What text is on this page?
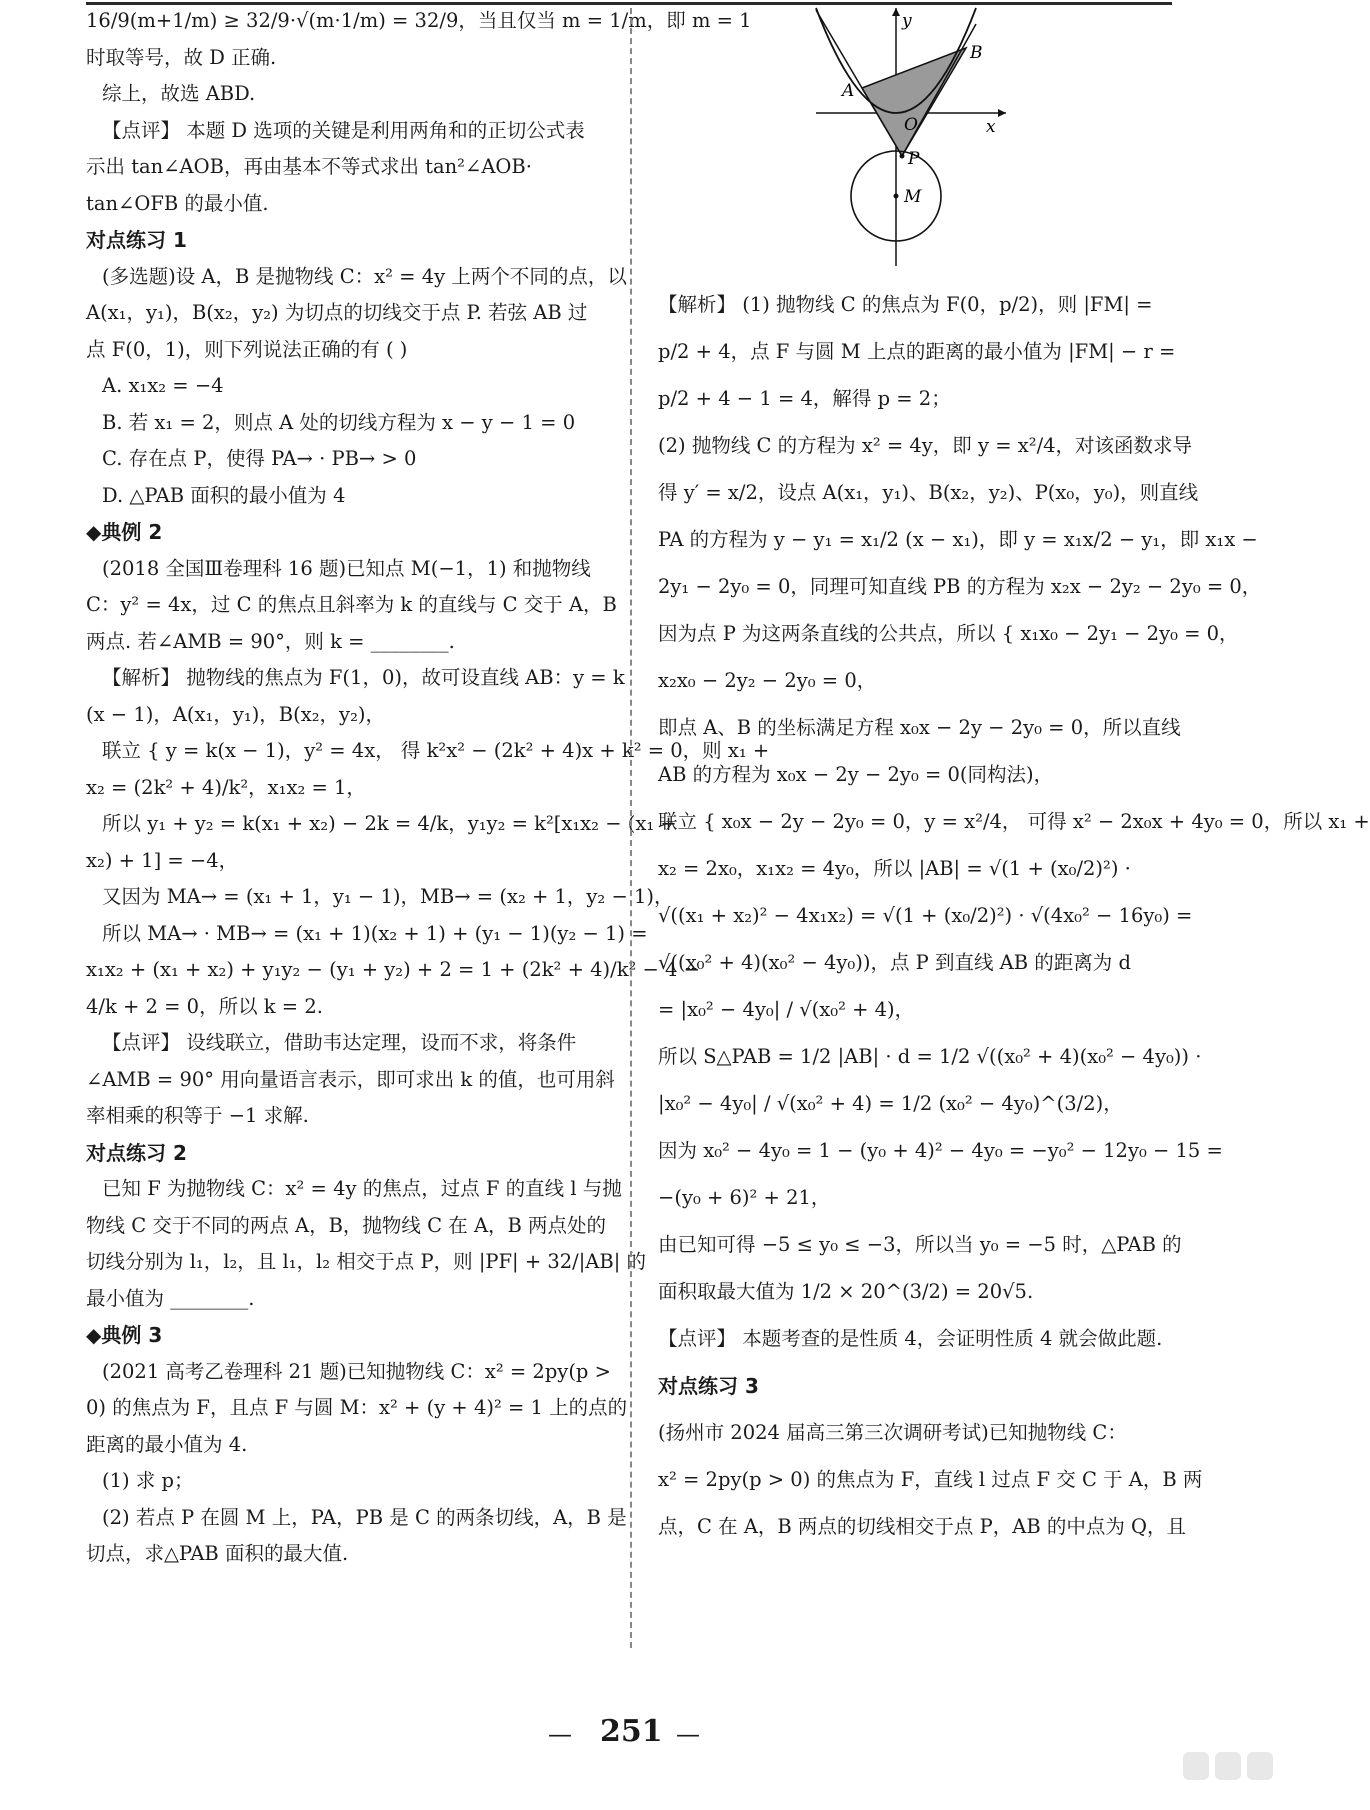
16/9(m+1/m) ≥ 32/9·√(m·1/m) = 32/9，当且仅当 m = 1/m，即 m = 1

时取等号，故 D 正确.

综上，故选 ABD.

【点评】 本题 D 选项的关键是利用两角和的正切公式表

示出 tan∠AOB，再由基本不等式求出 tan²∠AOB·

tan∠OFB 的最小值.

对点练习 1

(多选题)设 A，B 是抛物线 C：x² = 4y 上两个不同的点，以

A(x₁，y₁)，B(x₂，y₂) 为切点的切线交于点 P. 若弦 AB 过

点 F(0，1)，则下列说法正确的有 ( )

A. x₁x₂ = −4

B. 若 x₁ = 2，则点 A 处的切线方程为 x − y − 1 = 0

C. 存在点 P，使得 PA→ · PB→ > 0

D. △PAB 面积的最小值为 4

◆典例 2

(2018 全国Ⅲ卷理科 16 题)已知点 M(−1，1) 和抛物线

C：y² = 4x，过 C 的焦点且斜率为 k 的直线与 C 交于 A，B

两点. 若∠AMB = 90°，则 k = ________.

【解析】 抛物线的焦点为 F(1，0)，故可设直线 AB：y = k

(x − 1)，A(x₁，y₁)，B(x₂，y₂)，

联立 { y = k(x − 1)，y² = 4x， 得 k²x² − (2k² + 4)x + k² = 0，则 x₁ +

x₂ = (2k² + 4)/k²，x₁x₂ = 1，

所以 y₁ + y₂ = k(x₁ + x₂) − 2k = 4/k，y₁y₂ = k²[x₁x₂ − (x₁ +

x₂) + 1] = −4，

又因为 MA→ = (x₁ + 1，y₁ − 1)，MB→ = (x₂ + 1，y₂ − 1)，

所以 MA→ · MB→ = (x₁ + 1)(x₂ + 1) + (y₁ − 1)(y₂ − 1) =

x₁x₂ + (x₁ + x₂) + y₁y₂ − (y₁ + y₂) + 2 = 1 + (2k² + 4)/k² − 4 −

4/k + 2 = 0，所以 k = 2.

【点评】 设线联立，借助韦达定理，设而不求，将条件

∠AMB = 90° 用向量语言表示，即可求出 k 的值，也可用斜

率相乘的积等于 −1 求解.

对点练习 2

已知 F 为抛物线 C：x² = 4y 的焦点，过点 F 的直线 l 与抛

物线 C 交于不同的两点 A，B，抛物线 C 在 A，B 两点处的

切线分别为 l₁，l₂，且 l₁，l₂ 相交于点 P，则 |PF| + 32/|AB| 的

最小值为 ________.

◆典例 3

(2021 高考乙卷理科 21 题)已知抛物线 C：x² = 2py(p >

0) 的焦点为 F，且点 F 与圆 M：x² + (y + 4)² = 1 上的点的

距离的最小值为 4.

(1) 求 p；

(2) 若点 P 在圆 M 上，PA，PB 是 C 的两条切线，A，B 是

切点，求△PAB 面积的最大值.

y
x
A
B
O
P
M

【解析】 (1) 抛物线 C 的焦点为 F(0，p/2)，则 |FM| =

p/2 + 4，点 F 与圆 M 上点的距离的最小值为 |FM| − r =

p/2 + 4 − 1 = 4，解得 p = 2；

(2) 抛物线 C 的方程为 x² = 4y，即 y = x²/4，对该函数求导

得 y′ = x/2，设点 A(x₁，y₁)、B(x₂，y₂)、P(x₀，y₀)，则直线

PA 的方程为 y − y₁ = x₁/2 (x − x₁)，即 y = x₁x/2 − y₁，即 x₁x −

2y₁ − 2y₀ = 0，同理可知直线 PB 的方程为 x₂x − 2y₂ − 2y₀ = 0，

因为点 P 为这两条直线的公共点，所以 { x₁x₀ − 2y₁ − 2y₀ = 0，

x₂x₀ − 2y₂ − 2y₀ = 0，

即点 A、B 的坐标满足方程 x₀x − 2y − 2y₀ = 0，所以直线

AB 的方程为 x₀x − 2y − 2y₀ = 0(同构法)，

联立 { x₀x − 2y − 2y₀ = 0，y = x²/4， 可得 x² − 2x₀x + 4y₀ = 0，所以 x₁ +

x₂ = 2x₀，x₁x₂ = 4y₀，所以 |AB| = √(1 + (x₀/2)²) ·

√((x₁ + x₂)² − 4x₁x₂) = √(1 + (x₀/2)²) · √(4x₀² − 16y₀) =

√((x₀² + 4)(x₀² − 4y₀))，点 P 到直线 AB 的距离为 d

= |x₀² − 4y₀| / √(x₀² + 4)，

所以 S△PAB = 1/2 |AB| · d = 1/2 √((x₀² + 4)(x₀² − 4y₀)) ·

|x₀² − 4y₀| / √(x₀² + 4) = 1/2 (x₀² − 4y₀)^(3/2)，

因为 x₀² − 4y₀ = 1 − (y₀ + 4)² − 4y₀ = −y₀² − 12y₀ − 15 =

−(y₀ + 6)² + 21，

由已知可得 −5 ≤ y₀ ≤ −3，所以当 y₀ = −5 时，△PAB 的

面积取最大值为 1/2 × 20^(3/2) = 20√5.

【点评】 本题考查的是性质 4，会证明性质 4 就会做此题.

对点练习 3

(扬州市 2024 届高三第三次调研考试)已知抛物线 C：

x² = 2py(p > 0) 的焦点为 F，直线 l 过点 F 交 C 于 A，B 两

点，C 在 A，B 两点的切线相交于点 P，AB 的中点为 Q，且

— 251 —
